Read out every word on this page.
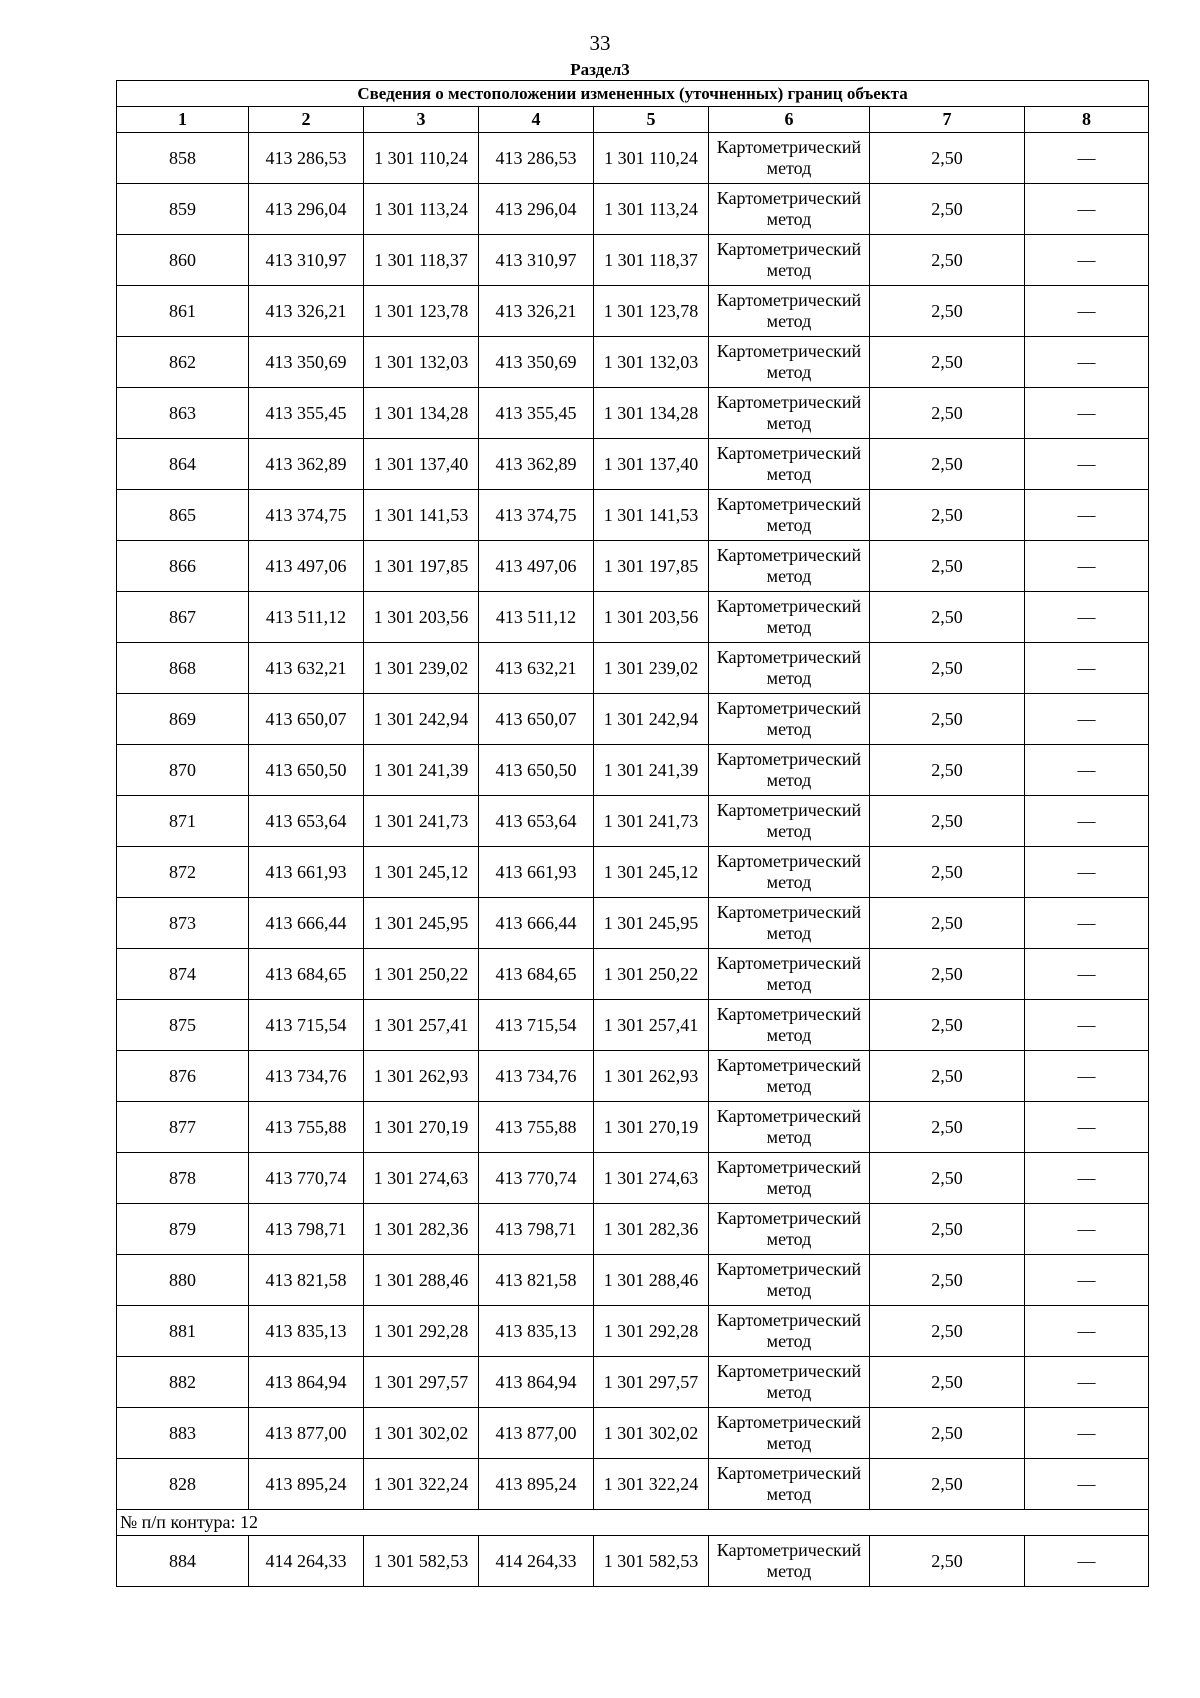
33
Раздел3
Сведения о местоположении измененных (уточненных) границ объекта							
1	2	3	4	5	6	7	8
858	413 286,53	1 301 110,24	413 286,53	1 301 110,24	Картометрический метод	2,50	—
859	413 296,04	1 301 113,24	413 296,04	1 301 113,24	Картометрический метод	2,50	—
860	413 310,97	1 301 118,37	413 310,97	1 301 118,37	Картометрический метод	2,50	—
861	413 326,21	1 301 123,78	413 326,21	1 301 123,78	Картометрический метод	2,50	—
862	413 350,69	1 301 132,03	413 350,69	1 301 132,03	Картометрический метод	2,50	—
863	413 355,45	1 301 134,28	413 355,45	1 301 134,28	Картометрический метод	2,50	—
864	413 362,89	1 301 137,40	413 362,89	1 301 137,40	Картометрический метод	2,50	—
865	413 374,75	1 301 141,53	413 374,75	1 301 141,53	Картометрический метод	2,50	—
866	413 497,06	1 301 197,85	413 497,06	1 301 197,85	Картометрический метод	2,50	—
867	413 511,12	1 301 203,56	413 511,12	1 301 203,56	Картометрический метод	2,50	—
868	413 632,21	1 301 239,02	413 632,21	1 301 239,02	Картометрический метод	2,50	—
869	413 650,07	1 301 242,94	413 650,07	1 301 242,94	Картометрический метод	2,50	—
870	413 650,50	1 301 241,39	413 650,50	1 301 241,39	Картометрический метод	2,50	—
871	413 653,64	1 301 241,73	413 653,64	1 301 241,73	Картометрический метод	2,50	—
872	413 661,93	1 301 245,12	413 661,93	1 301 245,12	Картометрический метод	2,50	—
873	413 666,44	1 301 245,95	413 666,44	1 301 245,95	Картометрический метод	2,50	—
874	413 684,65	1 301 250,22	413 684,65	1 301 250,22	Картометрический метод	2,50	—
875	413 715,54	1 301 257,41	413 715,54	1 301 257,41	Картометрический метод	2,50	—
876	413 734,76	1 301 262,93	413 734,76	1 301 262,93	Картометрический метод	2,50	—
877	413 755,88	1 301 270,19	413 755,88	1 301 270,19	Картометрический метод	2,50	—
878	413 770,74	1 301 274,63	413 770,74	1 301 274,63	Картометрический метод	2,50	—
879	413 798,71	1 301 282,36	413 798,71	1 301 282,36	Картометрический метод	2,50	—
880	413 821,58	1 301 288,46	413 821,58	1 301 288,46	Картометрический метод	2,50	—
881	413 835,13	1 301 292,28	413 835,13	1 301 292,28	Картометрический метод	2,50	—
882	413 864,94	1 301 297,57	413 864,94	1 301 297,57	Картометрический метод	2,50	—
883	413 877,00	1 301 302,02	413 877,00	1 301 302,02	Картометрический метод	2,50	—
828	413 895,24	1 301 322,24	413 895,24	1 301 322,24	Картометрический метод	2,50	—
№ п/п контура: 12							
884	414 264,33	1 301 582,53	414 264,33	1 301 582,53	Картометрический метод	2,50	—
